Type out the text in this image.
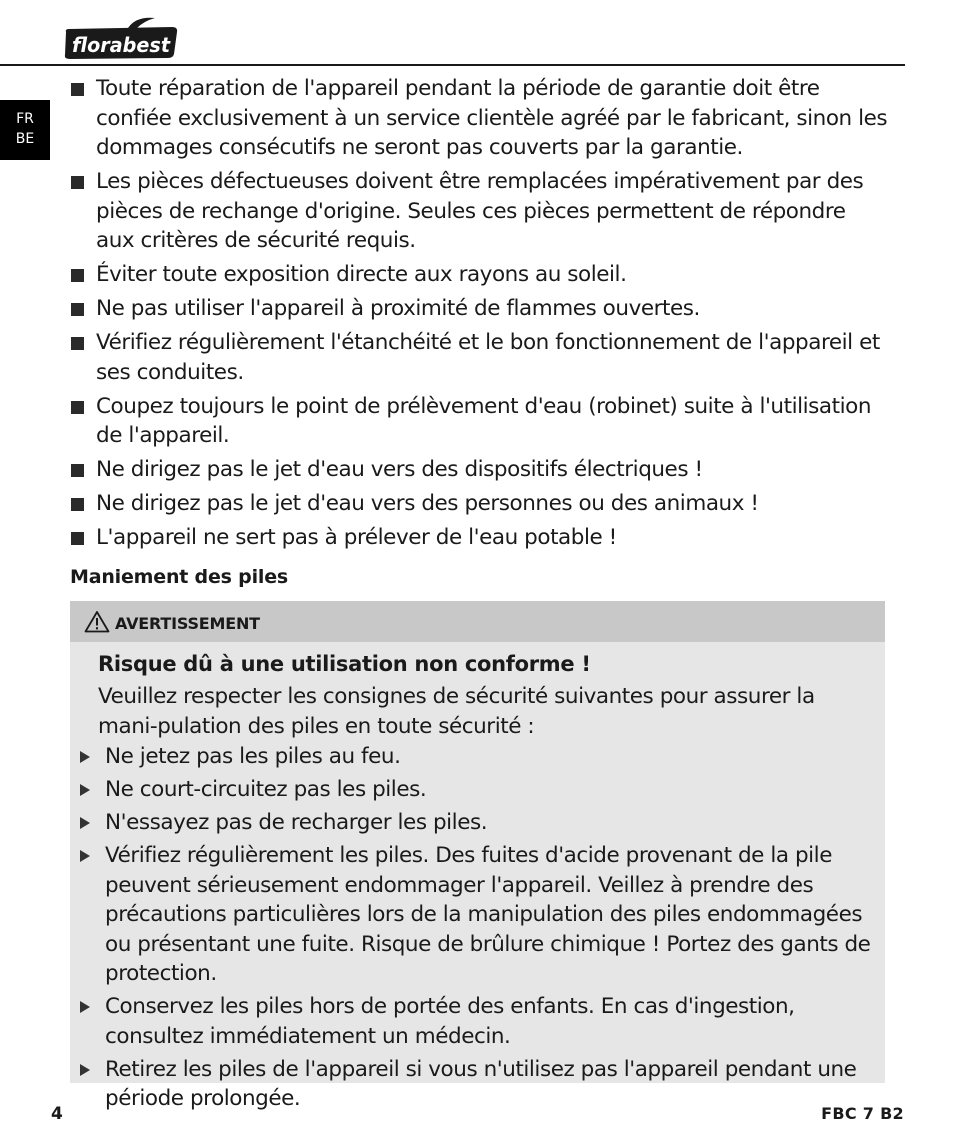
florabest
FR
BE
Toute réparation de l'appareil pendant la période de garantie doit être confiée exclusivement à un service clientèle agréé par le fabricant, sinon les dommages consécutifs ne seront pas couverts par la garantie.
Les pièces défectueuses doivent être remplacées impérativement par des pièces de rechange d'origine. Seules ces pièces permettent de répondre aux critères de sécurité requis.
Éviter toute exposition directe aux rayons au soleil.
Ne pas utiliser l'appareil à proximité de flammes ouvertes.
Vérifiez régulièrement l'étanchéité et le bon fonctionnement de l'appareil et ses conduites.
Coupez toujours le point de prélèvement d'eau (robinet) suite à l'utilisation de l'appareil.
Ne dirigez pas le jet d'eau vers des dispositifs électriques !
Ne dirigez pas le jet d'eau vers des personnes ou des animaux !
L'appareil ne sert pas à prélever de l'eau potable !
Maniement des piles
AVERTISSEMENT
Risque dû à une utilisation non conforme !
Veuillez respecter les consignes de sécurité suivantes pour assurer la mani-pulation des piles en toute sécurité :
Ne jetez pas les piles au feu.
Ne court-circuitez pas les piles.
N'essayez pas de recharger les piles.
Vérifiez régulièrement les piles. Des fuites d'acide provenant de la pile peuvent sérieusement endommager l'appareil. Veillez à prendre des précautions particulières lors de la manipulation des piles endommagées ou présentant une fuite. Risque de brûlure chimique ! Portez des gants de protection.
Conservez les piles hors de portée des enfants. En cas d'ingestion, consultez immédiatement un médecin.
Retirez les piles de l'appareil si vous n'utilisez pas l'appareil pendant une période prolongée.
4	FBC 7 B2
